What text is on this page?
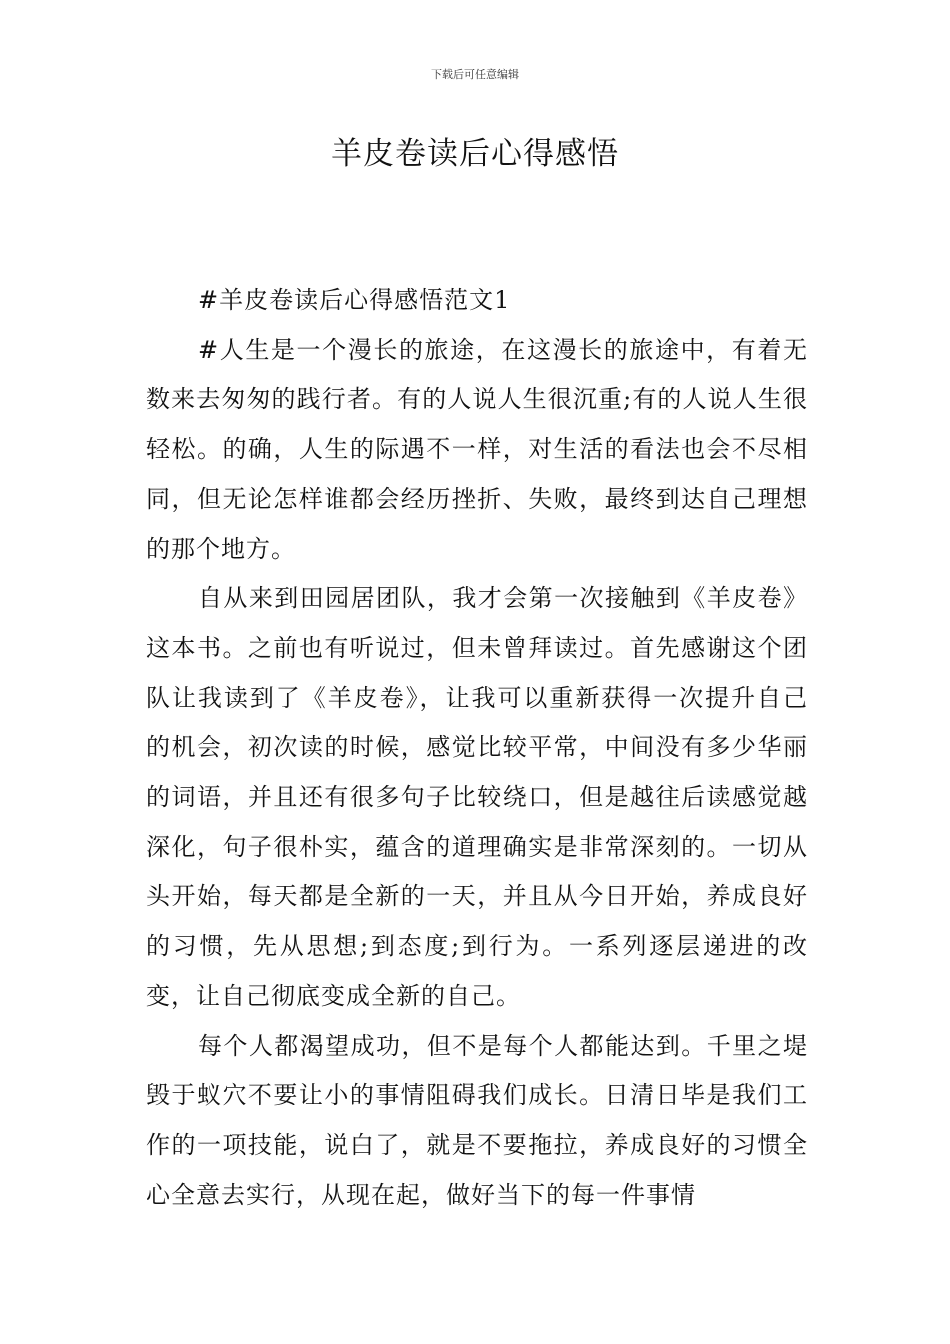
下载后可任意编辑
羊皮卷读后心得感悟

#羊皮卷读后心得感悟范文1

#人生是一个漫长的旅途，在这漫长的旅途中，有着无数来去匆匆的践行者。有的人说人生很沉重;有的人说人生很轻松。的确，人生的际遇不一样，对生活的看法也会不尽相同，但无论怎样谁都会经历挫折、失败，最终到达自己理想的那个地方。

自从来到田园居团队，我才会第一次接触到《羊皮卷》这本书。之前也有听说过，但未曾拜读过。首先感谢这个团队让我读到了《羊皮卷》，让我可以重新获得一次提升自己的机会，初次读的时候，感觉比较平常，中间没有多少华丽的词语，并且还有很多句子比较绕口，但是越往后读感觉越深化，句子很朴实，蕴含的道理确实是非常深刻的。一切从头开始，每天都是全新的一天，并且从今日开始，养成良好的习惯，先从思想;到态度;到行为。一系列逐层递进的改变，让自己彻底变成全新的自己。

每个人都渴望成功，但不是每个人都能达到。千里之堤毁于蚁穴不要让小的事情阻碍我们成长。日清日毕是我们工作的一项技能，说白了，就是不要拖拉，养成良好的习惯全心全意去实行，从现在起，做好当下的每一件事情
